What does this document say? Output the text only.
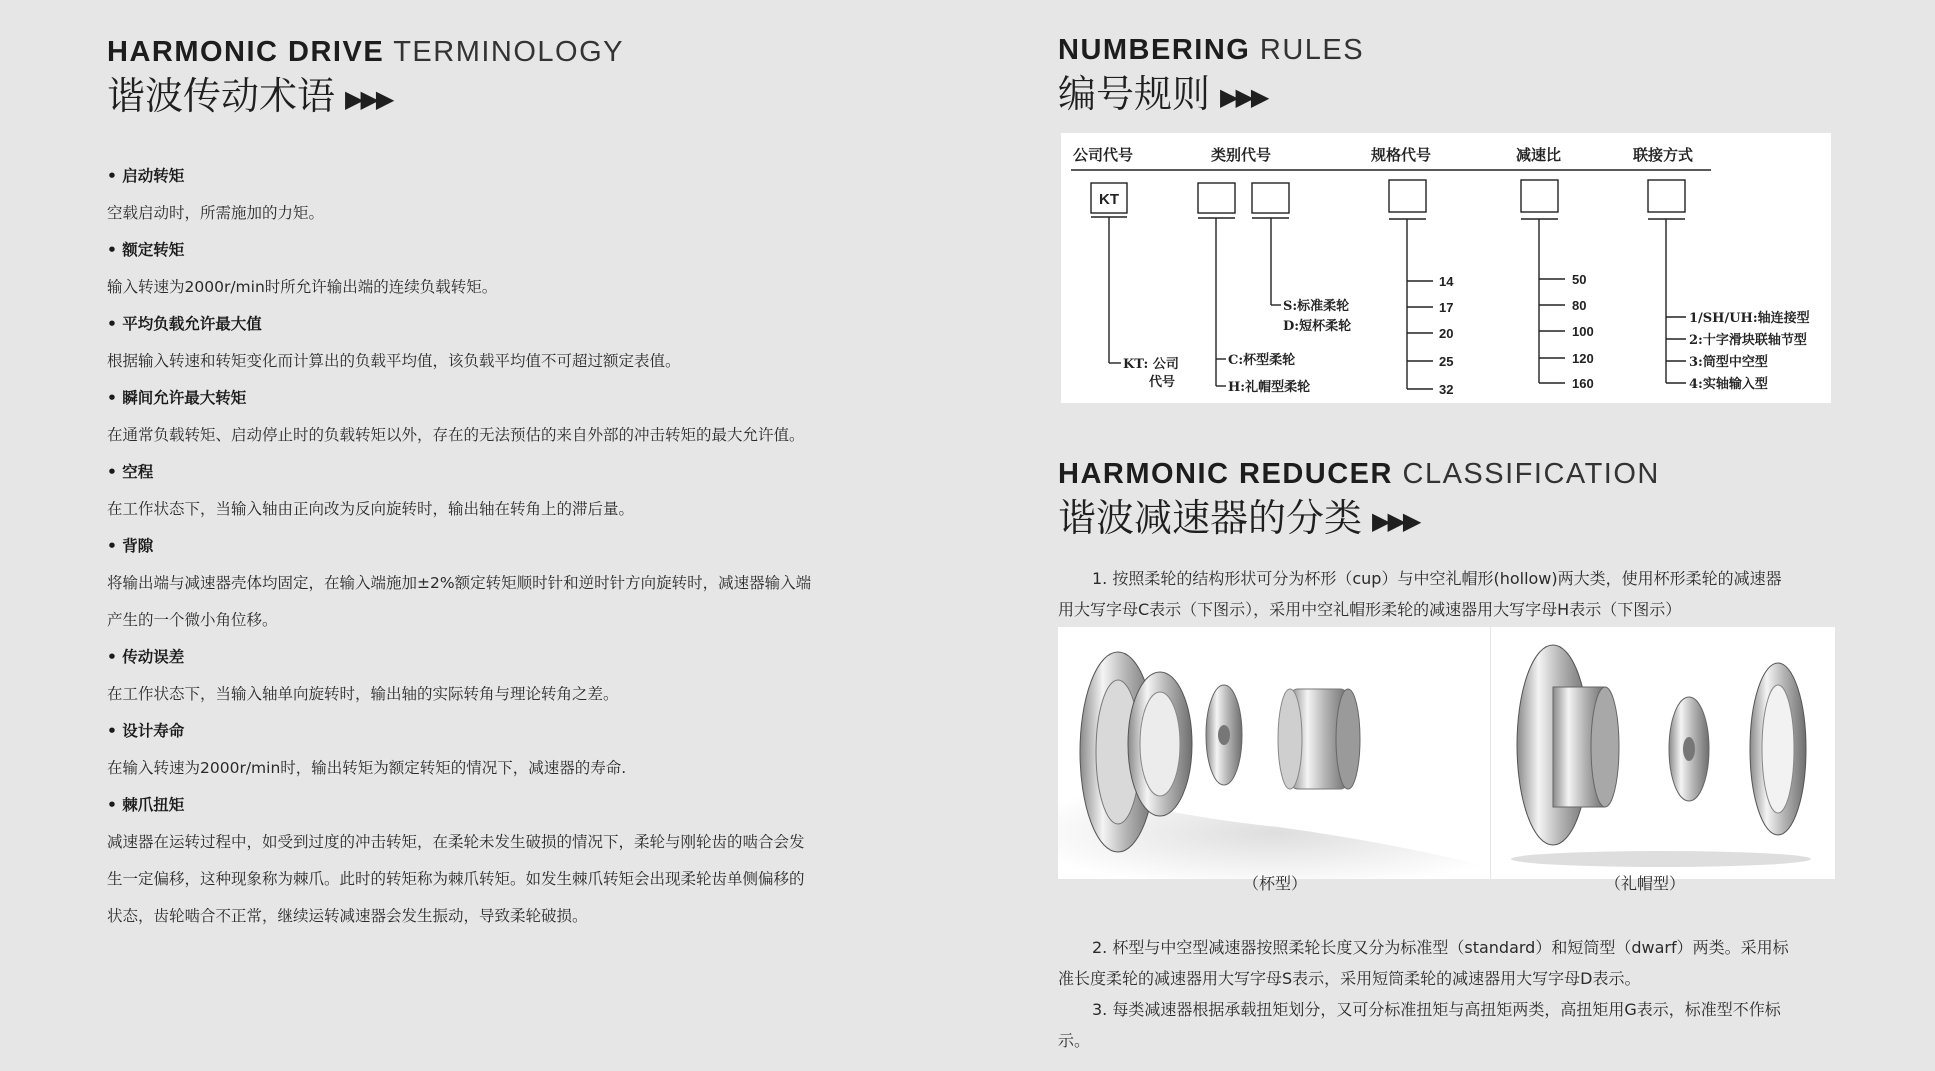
HARMONIC DRIVE TERMINOLOGY
谐波传动术语 ▶▶▶
• 启动转矩
空载启动时，所需施加的力矩。
• 额定转矩
输入转速为2000r/min时所允许输出端的连续负载转矩。
• 平均负载允许最大值
根据输入转速和转矩变化而计算出的负载平均值，该负载平均值不可超过额定表值。
• 瞬间允许最大转矩
在通常负载转矩、启动停止时的负载转矩以外，存在的无法预估的来自外部的冲击转矩的最大允许值。
• 空程
在工作状态下，当输入轴由正向改为反向旋转时，输出轴在转角上的滞后量。
• 背隙
将输出端与减速器壳体均固定，在输入端施加±2%额定转矩顺时针和逆时针方向旋转时，减速器输入端
产生的一个微小角位移。
• 传动误差
在工作状态下，当输入轴单向旋转时，输出轴的实际转角与理论转角之差。
• 设计寿命
在输入转速为2000r/min时，输出转矩为额定转矩的情况下，减速器的寿命.
• 棘爪扭矩
减速器在运转过程中，如受到过度的冲击转矩，在柔轮未发生破损的情况下，柔轮与刚轮齿的啮合会发
生一定偏移，这种现象称为棘爪。此时的转矩称为棘爪转矩。如发生棘爪转矩会出现柔轮齿单侧偏移的
状态，齿轮啮合不正常，继续运转减速器会发生振动，导致柔轮破损。
NUMBERING RULES
编号规则 ▶▶▶
公司代号	类别代号	规格代号	减速比	联接方式
KT
KT: 公司
代号
S:标准柔轮
D:短杯柔轮
C:杯型柔轮
H:礼帽型柔轮
14
17
20
25
32
50
80
100
120
160
1/SH/UH:轴连接型
2:十字滑块联轴节型
3:筒型中空型
4:实轴输入型
HARMONIC REDUCER CLASSIFICATION
谐波减速器的分类 ▶▶▶
1. 按照柔轮的结构形状可分为杯形（cup）与中空礼帽形(hollow)两大类，使用杯形柔轮的减速器
用大写字母C表示（下图示），采用中空礼帽形柔轮的减速器用大写字母H表示（下图示）
（杯型）	（礼帽型）
2. 杯型与中空型减速器按照柔轮长度又分为标准型（standard）和短筒型（dwarf）两类。采用标
准长度柔轮的减速器用大写字母S表示，采用短筒柔轮的减速器用大写字母D表示。
3. 每类减速器根据承载扭矩划分，又可分标准扭矩与高扭矩两类，高扭矩用G表示，标准型不作标
示。
